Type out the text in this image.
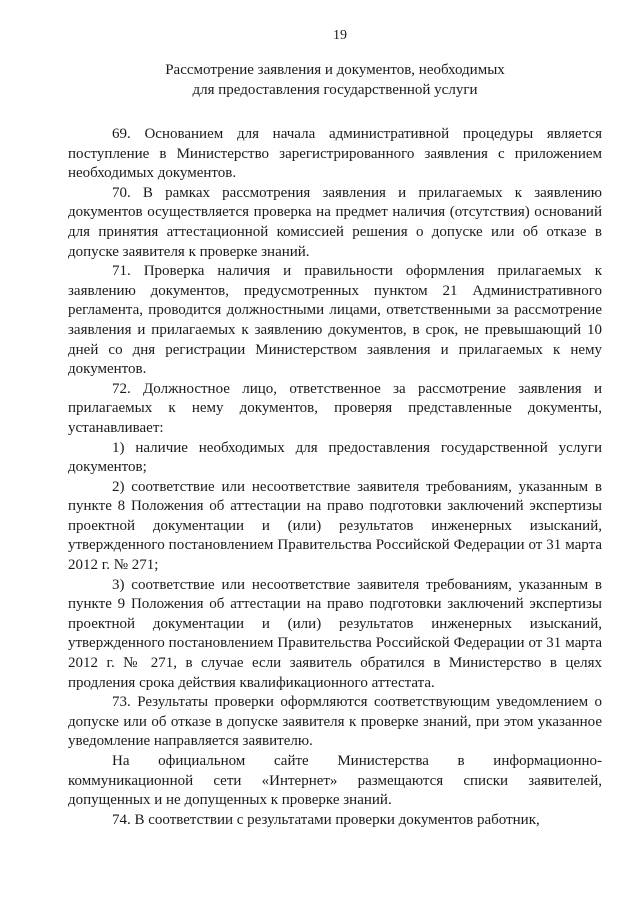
19
Рассмотрение заявления и документов, необходимых
для предоставления государственной услуги

69. Основанием для начала административной процедуры является поступление в Министерство зарегистрированного заявления с приложением необходимых документов.

70. В рамках рассмотрения заявления и прилагаемых к заявлению документов осуществляется проверка на предмет наличия (отсутствия) оснований для принятия аттестационной комиссией решения о допуске или об отказе в допуске заявителя к проверке знаний.

71. Проверка наличия и правильности оформления прилагаемых к заявлению документов, предусмотренных пунктом 21 Административного регламента, проводится должностными лицами, ответственными за рассмотрение заявления и прилагаемых к заявлению документов, в срок, не превышающий 10 дней со дня регистрации Министерством заявления и прилагаемых к нему документов.

72. Должностное лицо, ответственное за рассмотрение заявления и прилагаемых к нему документов, проверяя представленные документы, устанавливает:

1) наличие необходимых для предоставления государственной услуги документов;

2) соответствие или несоответствие заявителя требованиям, указанным в пункте 8 Положения об аттестации на право подготовки заключений экспертизы проектной документации и (или) результатов инженерных изысканий, утвержденного постановлением Правительства Российской Федерации от 31 марта 2012 г. № 271;

3) соответствие или несоответствие заявителя требованиям, указанным в пункте 9 Положения об аттестации на право подготовки заключений экспертизы проектной документации и (или) результатов инженерных изысканий, утвержденного постановлением Правительства Российской Федерации от 31 марта 2012 г. № 271, в случае если заявитель обратился в Министерство в целях продления срока действия квалификационного аттестата.

73. Результаты проверки оформляются соответствующим уведомлением о допуске или об отказе в допуске заявителя к проверке знаний, при этом указанное уведомление направляется заявителю.

На официальном сайте Министерства в информационно-коммуникационной сети «Интернет» размещаются списки заявителей, допущенных и не допущенных к проверке знаний.

74. В соответствии с результатами проверки документов работник,
